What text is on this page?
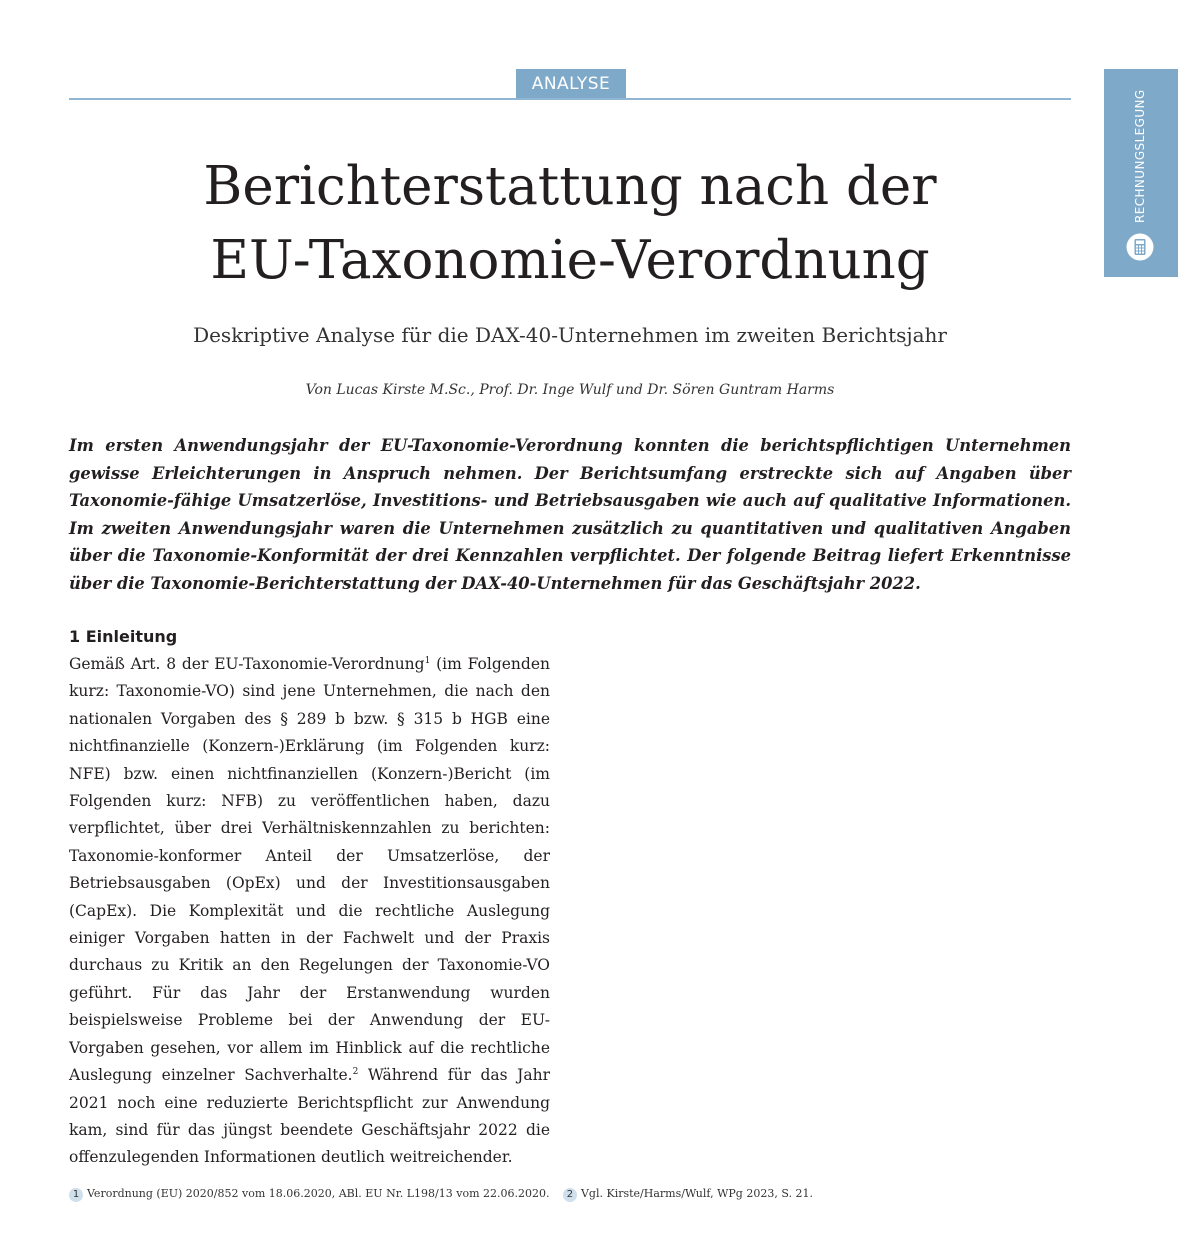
ANALYSE
RECHNUNGSLEGUNG
Berichterstattung nach der
EU-Taxonomie-Verordnung

Deskriptive Analyse für die DAX-40-Unternehmen im zweiten Berichtsjahr

Von Lucas Kirste M.Sc., Prof. Dr. Inge Wulf und Dr. Sören Guntram Harms

Im ersten Anwendungsjahr der EU-Taxonomie-Verordnung konnten die berichtspflichtigen Unternehmen gewisse Erleichterungen in Anspruch nehmen. Der Berichtsumfang erstreckte sich auf Angaben über Taxonomie-fähige Umsatzerlöse, Investitions- und Betriebsausgaben wie auch auf qualitative Informationen. Im zweiten Anwendungsjahr waren die Unternehmen zusätzlich zu quantitativen und qualitativen Angaben über die Taxonomie-Konformität der drei Kennzahlen verpflichtet. Der folgende Beitrag liefert Erkenntnisse über die Taxonomie-Berichterstattung der DAX-40-Unternehmen für das Geschäftsjahr 2022.

1 Einleitung

Gemäß Art. 8 der EU-Taxonomie-Verordnung$^1$ (im Folgenden kurz: Taxonomie-VO) sind jene Unternehmen, die nach den nationalen Vorgaben des § 289 b bzw. § 315 b HGB eine nichtfinanzielle (Konzern-)Erklärung (im Folgenden kurz: NFE) bzw. einen nichtfinanziellen (Konzern-)Bericht (im Folgenden kurz: NFB) zu veröffentlichen haben, dazu verpflichtet, über drei Verhältniskennzahlen zu berichten: Taxonomie-konformer Anteil der Umsatzerlöse, der Betriebsausgaben (OpEx) und der Investitionsausgaben (CapEx). Die Komplexität und die rechtliche Auslegung einiger Vorgaben hatten in der Fachwelt und der Praxis durchaus zu Kritik an den Regelungen der Taxonomie-VO geführt. Für das Jahr der Erstanwendung wurden beispielsweise Probleme bei der Anwendung der EU-Vorgaben gesehen, vor allem im Hinblick auf die rechtliche Auslegung einzelner Sachverhalte.$^2$ Während für das Jahr 2021 noch eine reduzierte Berichtspflicht zur Anwendung kam, sind für das jüngst beendete Geschäftsjahr 2022 die offenzulegenden Informationen deutlich weitreichender.

1 Verordnung (EU) 2020/852 vom 18.06.2020, ABl. EU Nr. L198/13 vom 22.06.2020. 2 Vgl. Kirste/Harms/Wulf, WPg 2023, S. 21.
